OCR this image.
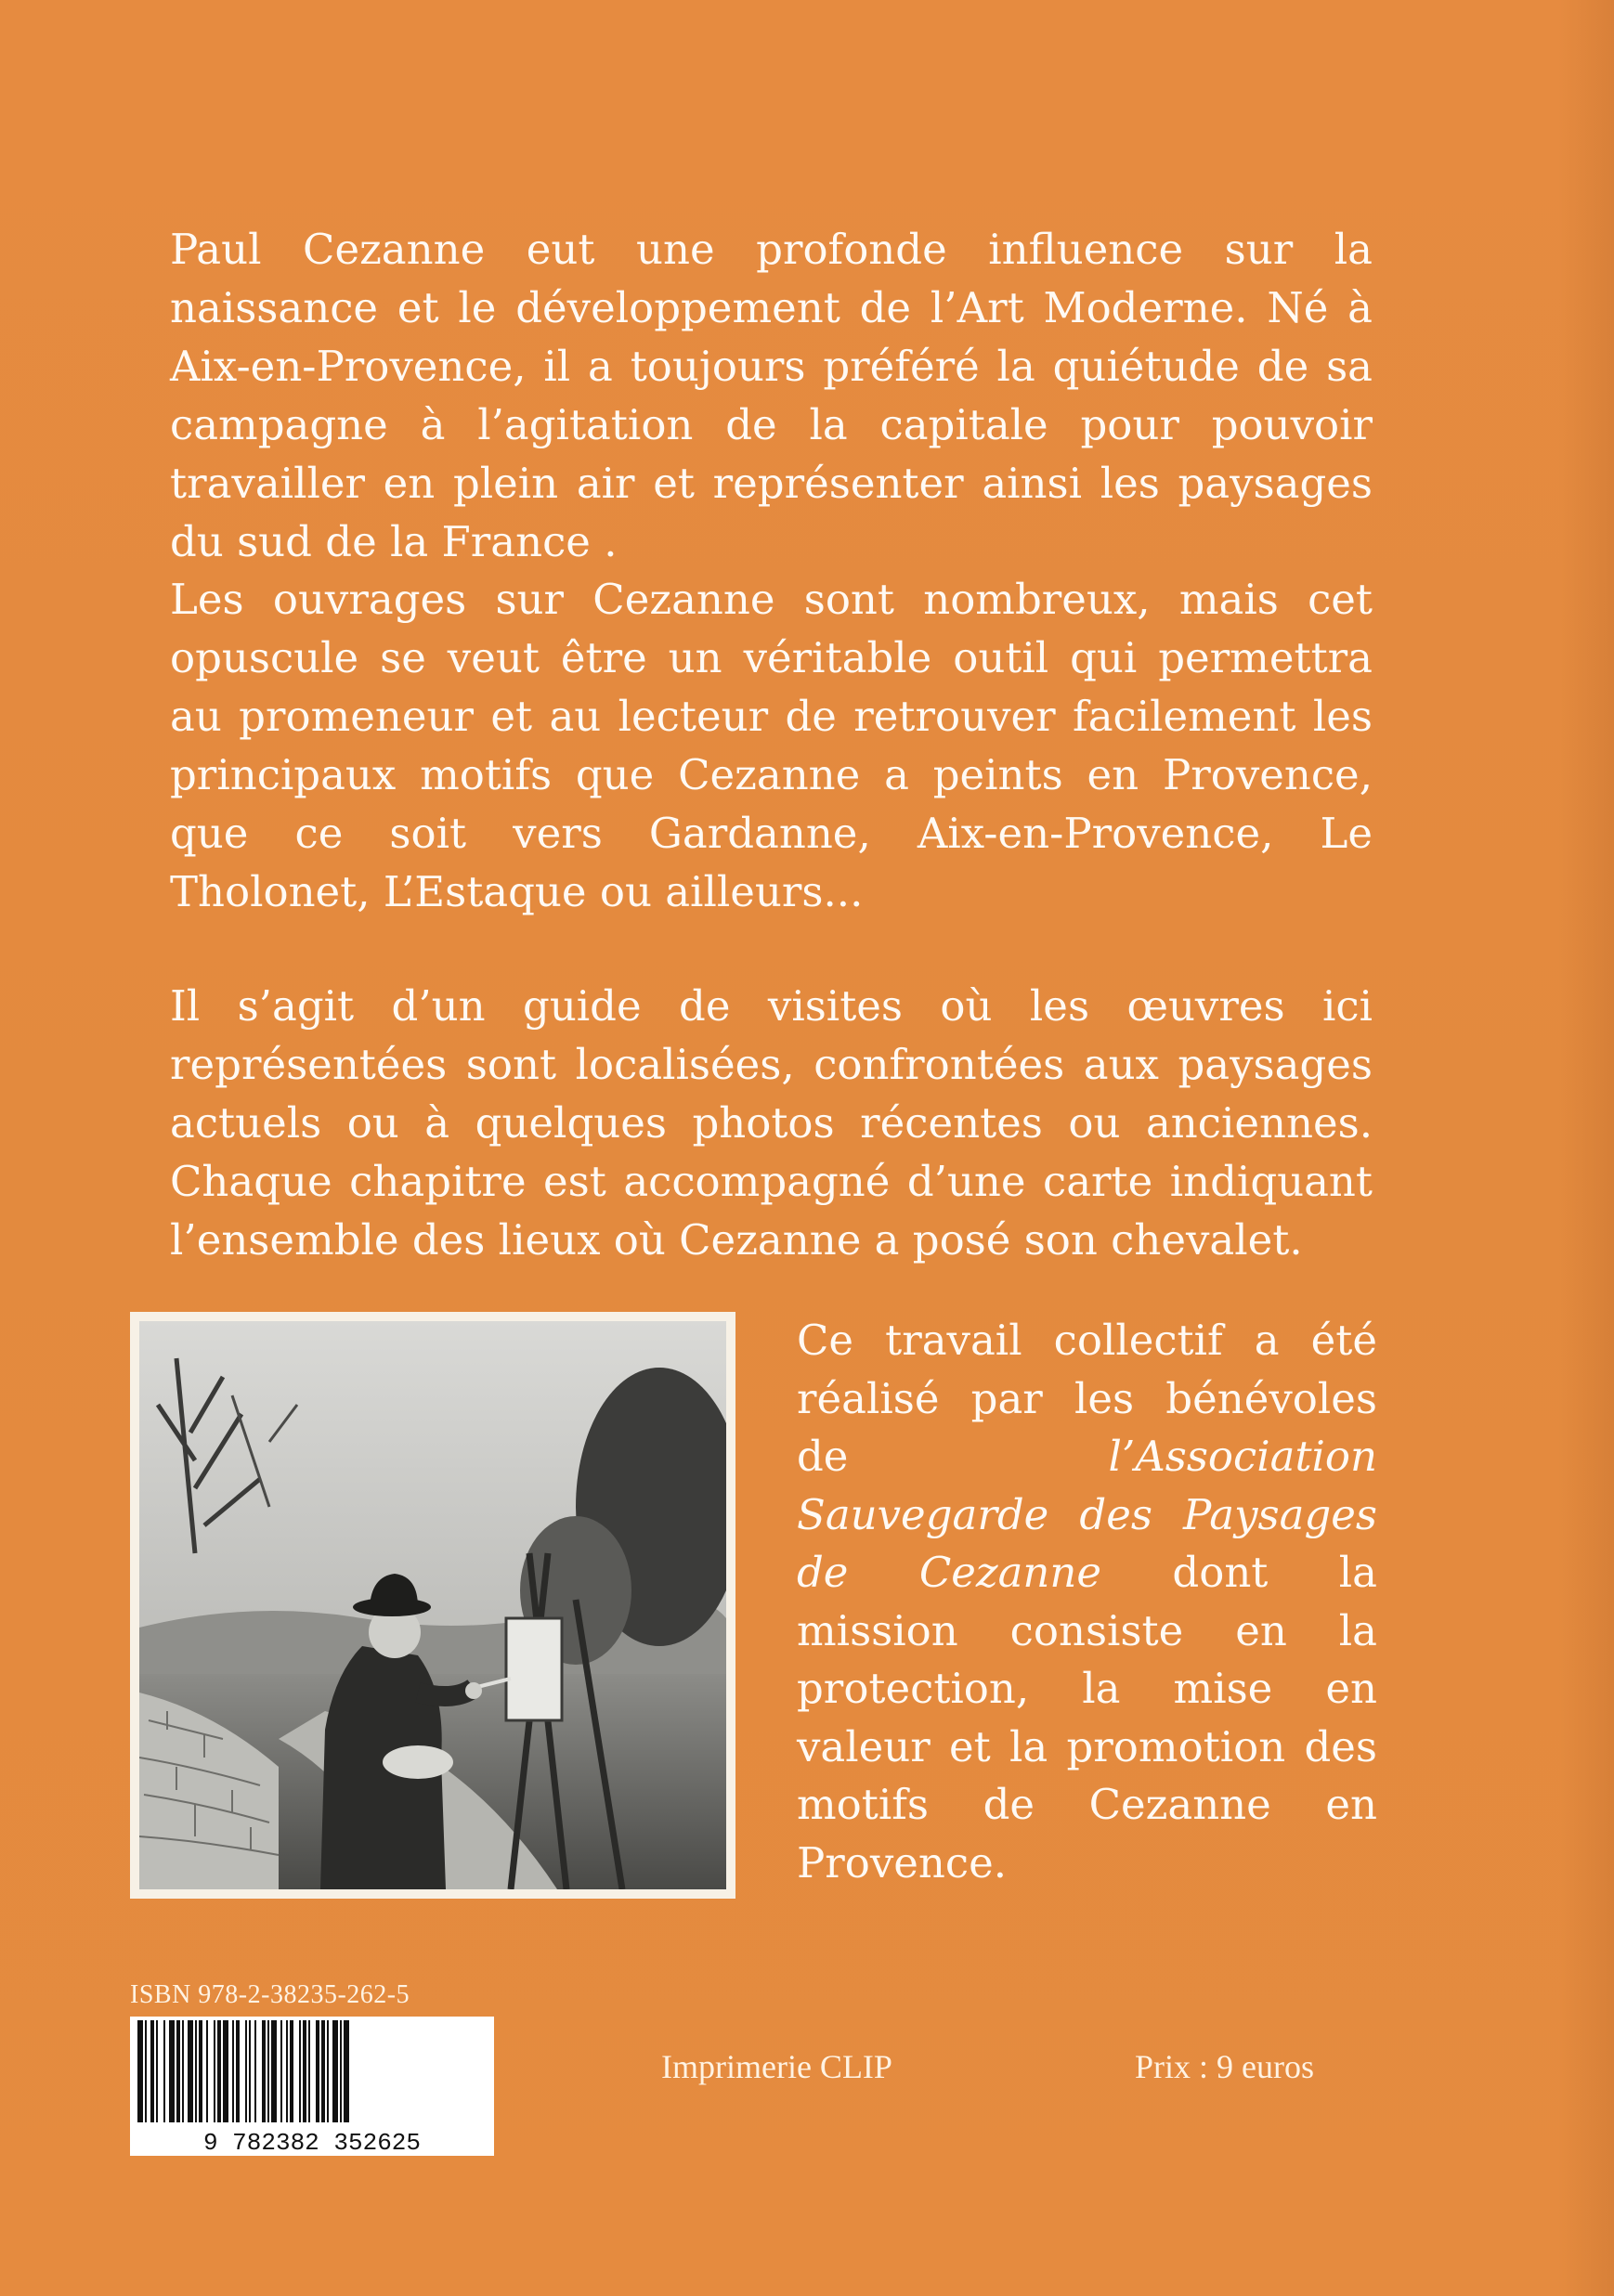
Paul Cezanne eut une profonde influence sur la naissance et le développement de l’Art Moderne. Né à Aix-en-Provence, il a toujours préféré la quiétude de sa campagne à l’agitation de la capitale pour pouvoir travailler en plein air et représenter ainsi les paysages du sud de la France .

Les ouvrages sur Cezanne sont nombreux, mais cet opuscule se veut être un véritable outil qui permettra au promeneur et au lecteur de retrouver facilement les principaux motifs que Cezanne a peints en Provence, que ce soit vers Gardanne, Aix-en-Provence, Le Tholonet, L’Estaque ou ailleurs...

Il s’agit d’un guide de visites où les œuvres ici représentées sont localisées, confrontées aux paysages actuels ou à quelques photos récentes ou anciennes. Chaque chapitre est accompagné d’une carte indiquant l’ensemble des lieux où Cezanne a posé son chevalet.

Ce travail collectif a été réalisé par les bénévoles de l’Association Sauvegarde des Paysages de Cezanne dont la mission consiste en la protection, la mise en valeur et la promotion des motifs de Cezanne en Provence.

ISBN 978-2-38235-262-5
9 782382 352625
Imprimerie CLIP	Prix : 9 euros
